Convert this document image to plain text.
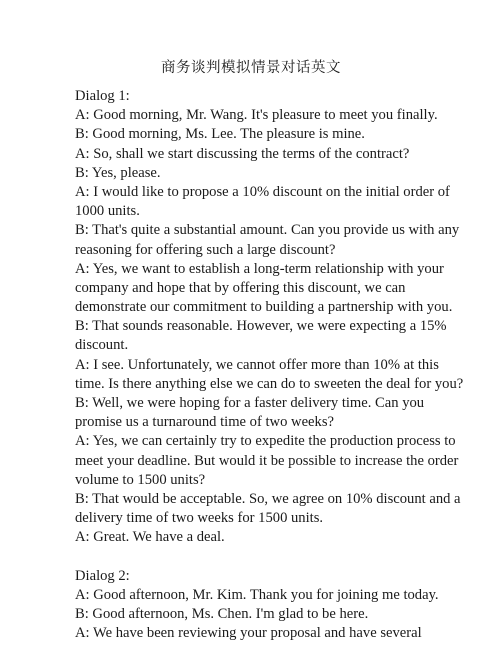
商务谈判模拟情景对话英文
Dialog 1:
A: Good morning, Mr. Wang. It's pleasure to meet you finally.
B: Good morning, Ms. Lee. The pleasure is mine.
A: So, shall we start discussing the terms of the contract?
B: Yes, please.
A: I would like to propose a 10% discount on the initial order of
1000 units.
B: That's quite a substantial amount. Can you provide us with any
reasoning for offering such a large discount?
A: Yes, we want to establish a long-term relationship with your
company and hope that by offering this discount, we can
demonstrate our commitment to building a partnership with you.
B: That sounds reasonable. However, we were expecting a 15%
discount.
A: I see. Unfortunately, we cannot offer more than 10% at this
time. Is there anything else we can do to sweeten the deal for you?
B: Well, we were hoping for a faster delivery time. Can you
promise us a turnaround time of two weeks?
A: Yes, we can certainly try to expedite the production process to
meet your deadline. But would it be possible to increase the order
volume to 1500 units?
B: That would be acceptable. So, we agree on 10% discount and a
delivery time of two weeks for 1500 units.
A: Great. We have a deal.
Dialog 2:
A: Good afternoon, Mr. Kim. Thank you for joining me today.
B: Good afternoon, Ms. Chen. I'm glad to be here.
A: We have been reviewing your proposal and have several
